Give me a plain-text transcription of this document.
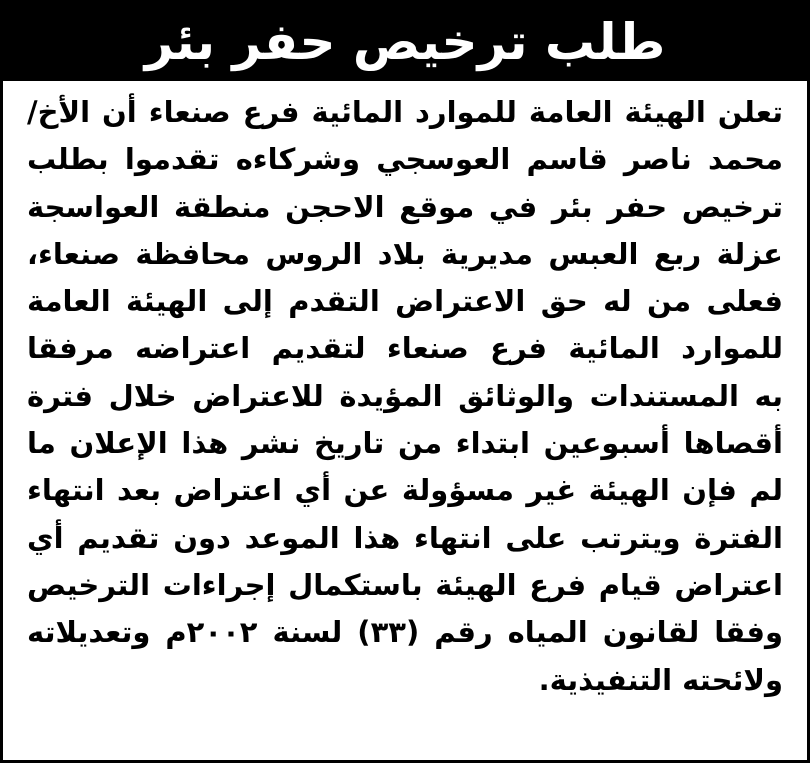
طلب ترخيص حفر بئر
تعلن الهيئة العامة للموارد المائية فرع صنعاء أن الأخ/
محمد ناصر قاسم العوسجي وشركاءه تقدموا بطلب
ترخيص حفر بئر في موقع الاحجن منطقة العواسجة
عزلة ربع العبس مديرية بلاد الروس محافظة صنعاء،
فعلى من له حق الاعتراض التقدم إلى الهيئة العامة
للموارد المائية فرع صنعاء لتقديم اعتراضه مرفقا
به المستندات والوثائق المؤيدة للاعتراض خلال فترة
أقصاها أسبوعين ابتداء من تاريخ نشر هذا الإعلان ما
لم فإن الهيئة غير مسؤولة عن أي اعتراض بعد انتهاء
الفترة ويترتب على انتهاء هذا الموعد دون تقديم أي
اعتراض قيام فرع الهيئة باستكمال إجراءات الترخيص
وفقا لقانون المياه رقم (٣٣) لسنة ٢٠٠٢م وتعديلاته
ولائحته التنفيذية.
